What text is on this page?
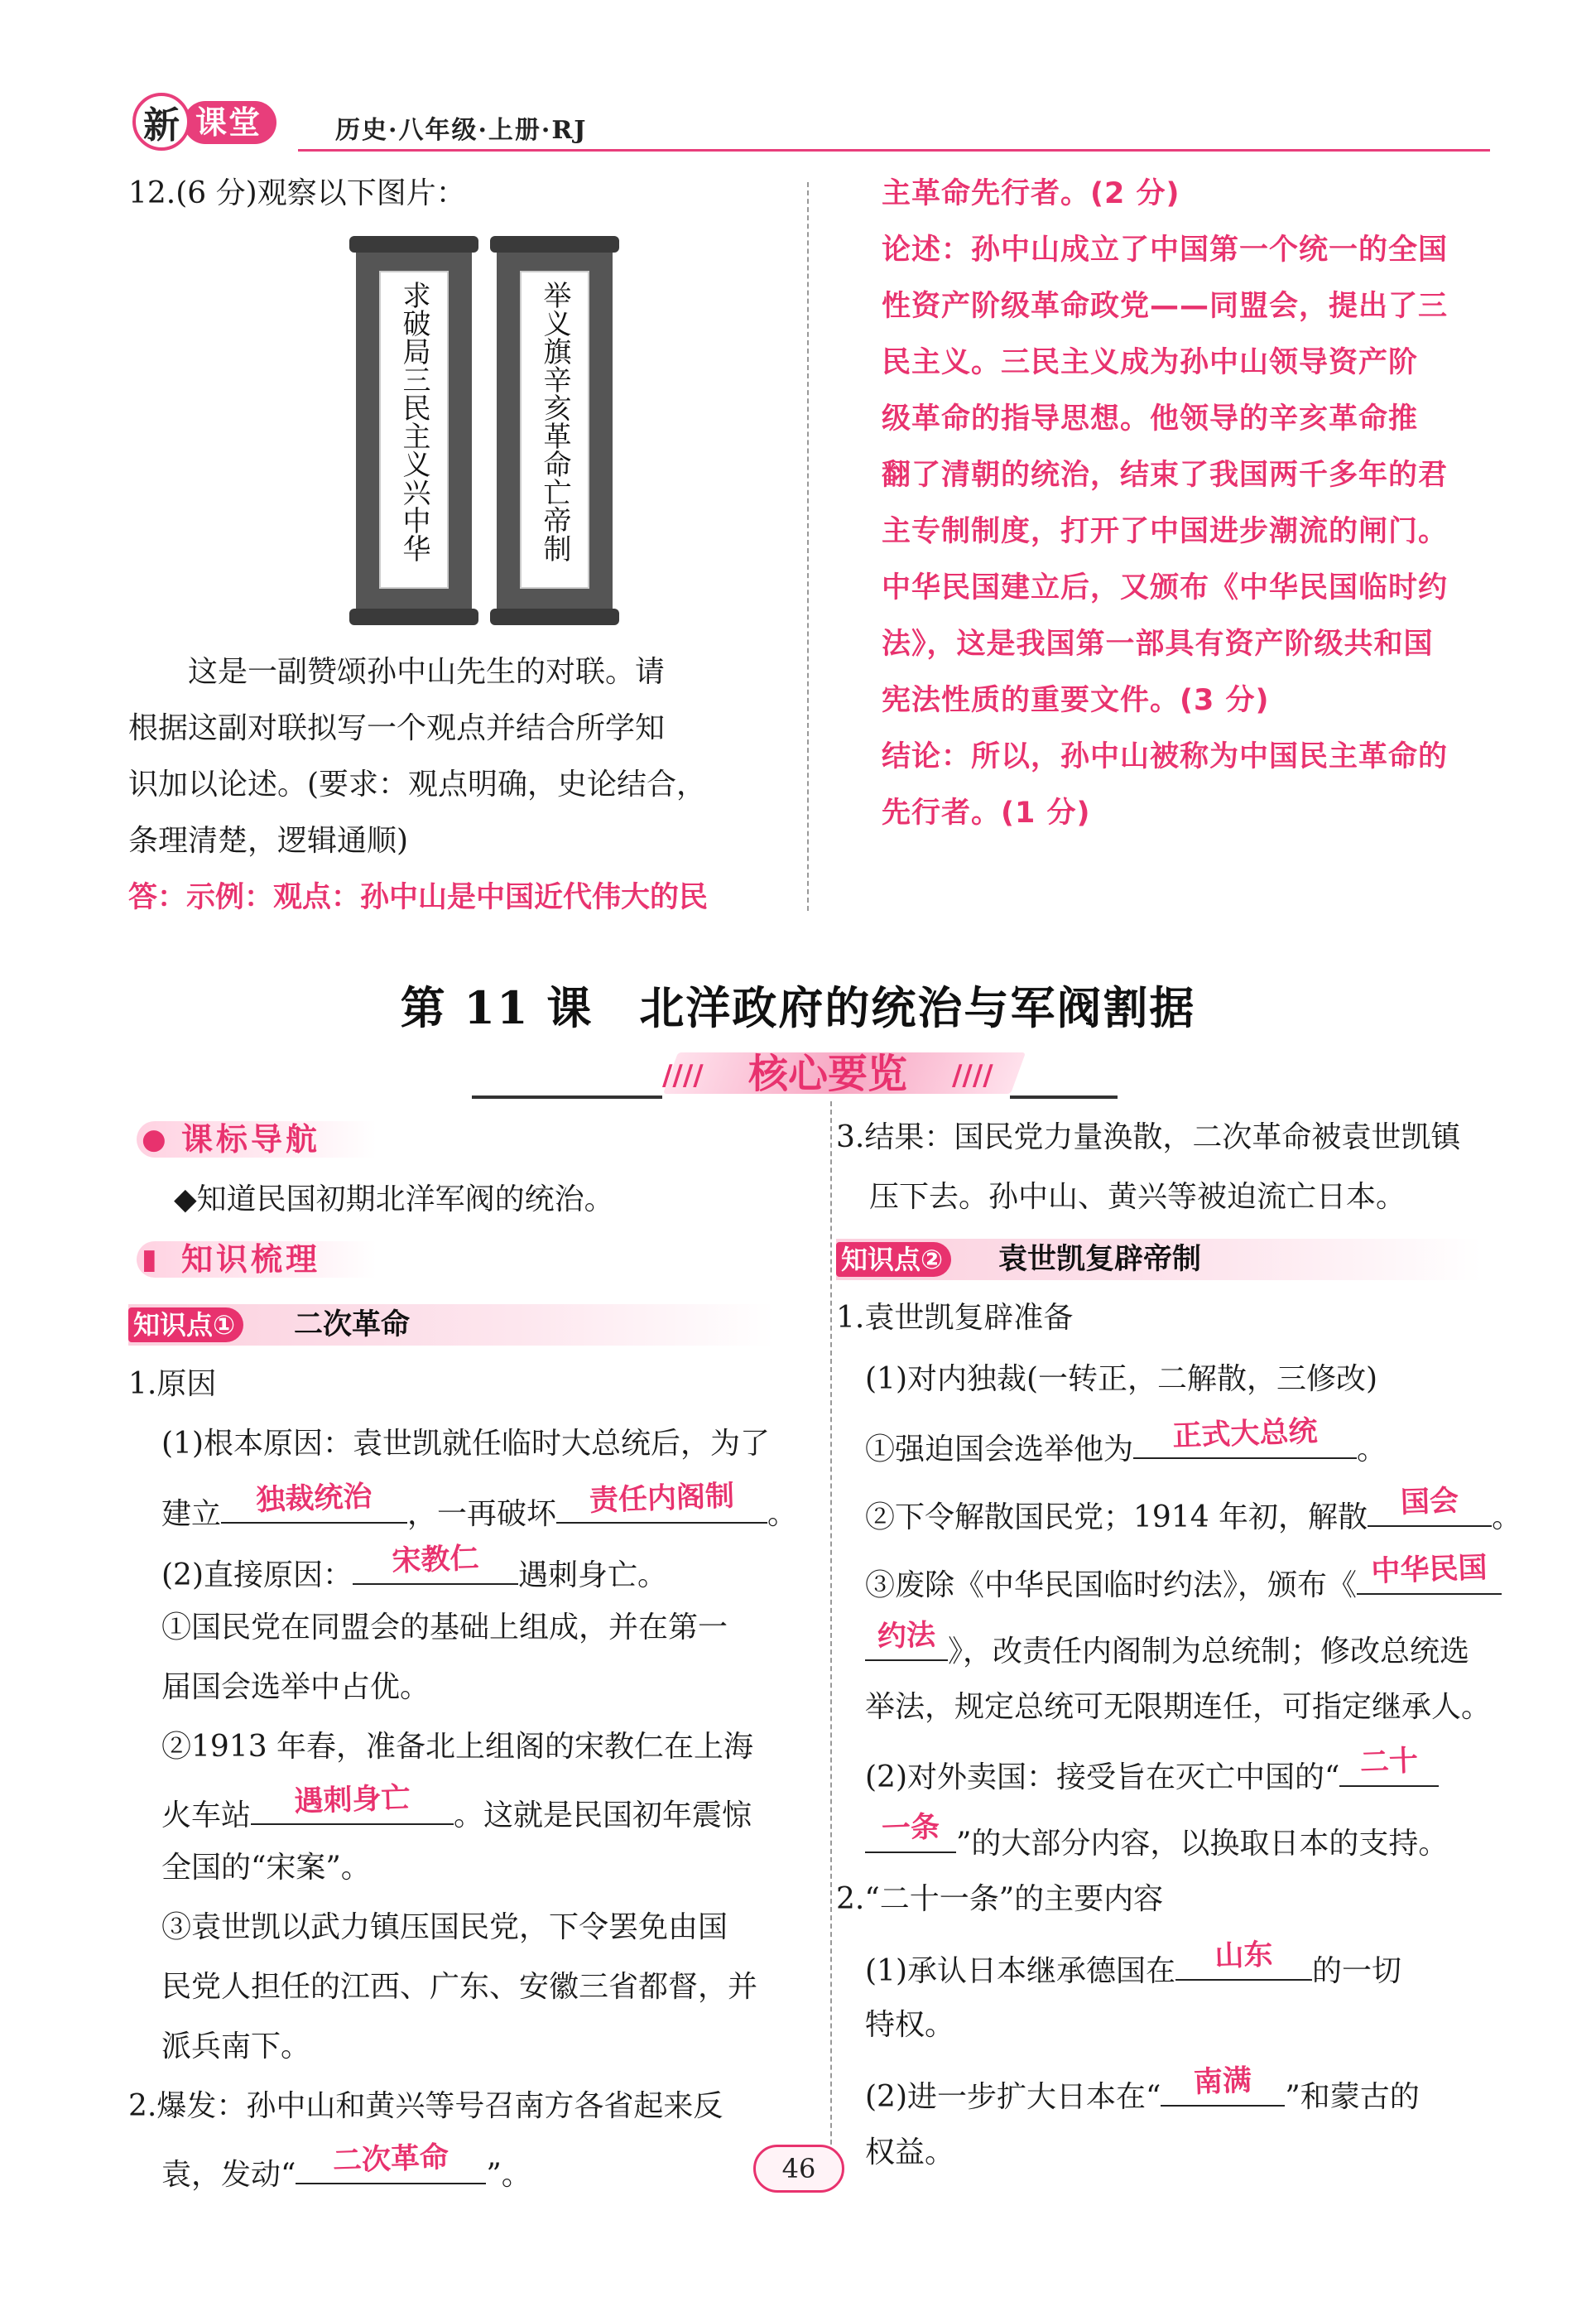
课堂
新	历史·八年级·上册·RJ

12.(6 分)观察以下图片：

求破局三民主义兴中华	举义旗辛亥革命亡帝制

这是一副赞颂孙中山先生的对联。请

根据这副对联拟写一个观点并结合所学知

识加以论述。(要求：观点明确，史论结合，

条理清楚，逻辑通顺)

答：示例：观点：孙中山是中国近代伟大的民

主革命先行者。(2 分)

论述：孙中山成立了中国第一个统一的全国

性资产阶级革命政党——同盟会，提出了三

民主义。三民主义成为孙中山领导资产阶

级革命的指导思想。他领导的辛亥革命推

翻了清朝的统治，结束了我国两千多年的君

主专制制度，打开了中国进步潮流的闸门。

中华民国建立后，又颁布《中华民国临时约

法》，这是我国第一部具有资产阶级共和国

宪法性质的重要文件。(3 分)

结论：所以，孙中山被称为中国民主革命的

先行者。(1 分)

第 11 课　北洋政府的统治与军阀割据
////	核心要览	////
● 课标导航
◆知道民国初期北洋军阀的统治。
▮ 知识梳理
知识点① 二次革命
1.原因
(1)根本原因：袁世凯就任临时大总统后，为了
建立	独裁统治	，一再破坏	责任内阁制	。
(2)直接原因：	宋教仁	遇刺身亡。
①国民党在同盟会的基础上组成，并在第一
届国会选举中占优。
②1913 年春，准备北上组阁的宋教仁在上海
火车站	遇刺身亡	。这就是民国初年震惊
全国的“宋案”。
③袁世凯以武力镇压国民党，下令罢免由国
民党人担任的江西、广东、安徽三省都督，并
派兵南下。
2.爆发：孙中山和黄兴等号召南方各省起来反
袁，发动“	二次革命	”。
3.结果：国民党力量涣散，二次革命被袁世凯镇
压下去。孙中山、黄兴等被迫流亡日本。
知识点② 袁世凯复辟帝制
1.袁世凯复辟准备
(1)对内独裁(一转正，二解散，三修改)
①强迫国会选举他为	正式大总统	。
②下令解散国民党；1914 年初，解散	国会	。
③废除《中华民国临时约法》，颁布《 中华民国
约法 》，改责任内阁制为总统制；修改总统选
举法，规定总统可无限期连任，可指定继承人。
(2)对外卖国：接受旨在灭亡中国的“ 二十
一条 ”的大部分内容，以换取日本的支持。
2.“二十一条”的主要内容
(1)承认日本继承德国在	山东	的一切
特权。
(2)进一步扩大日本在“	南满	”和蒙古的
权益。
46
